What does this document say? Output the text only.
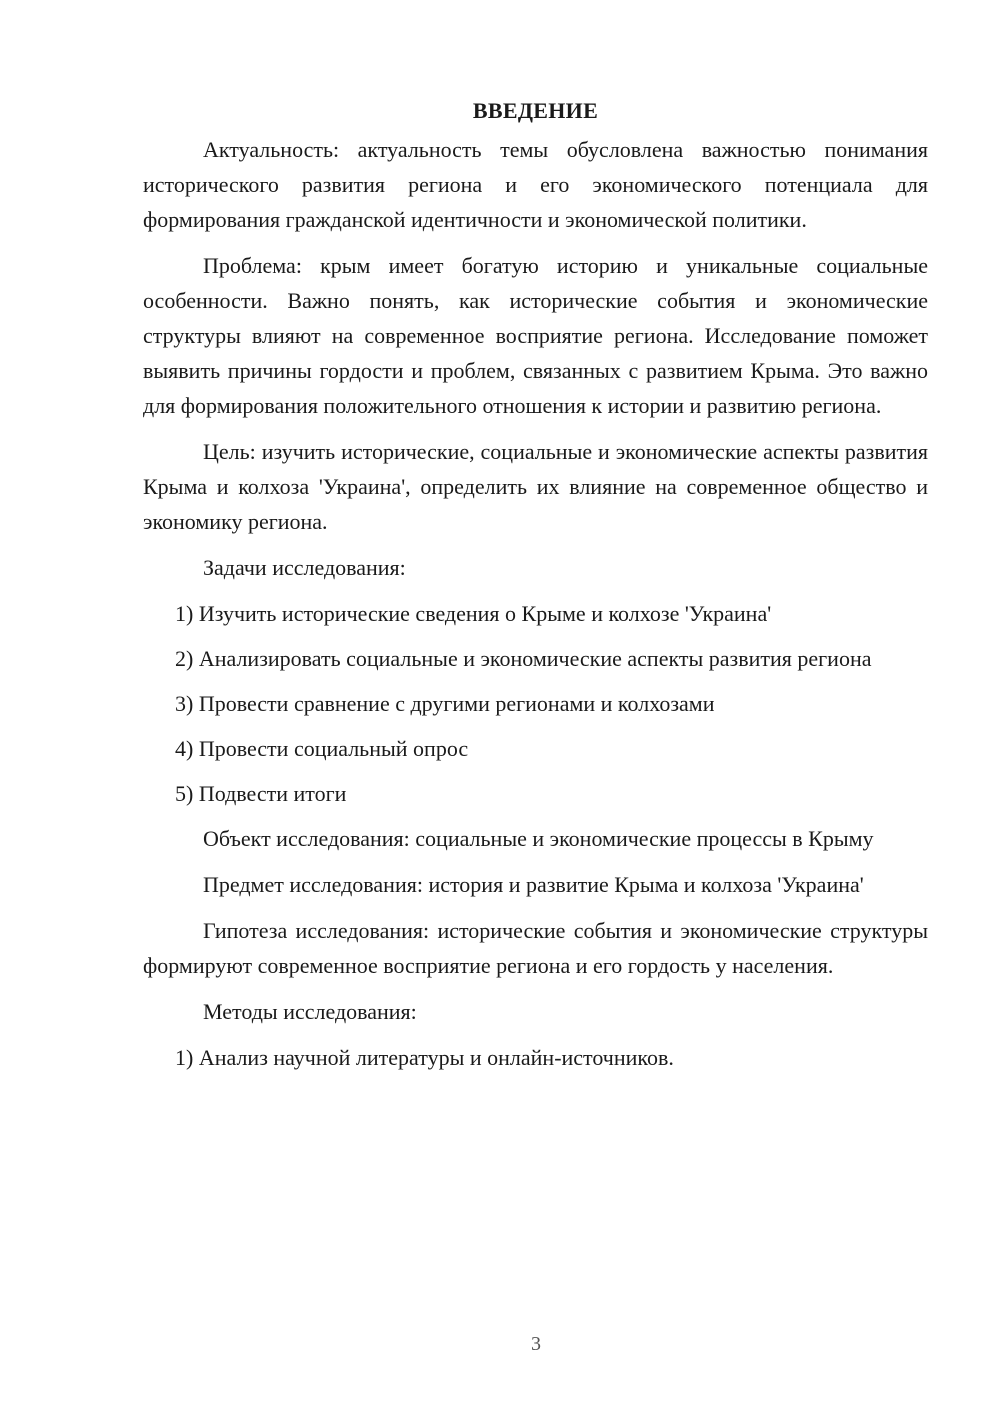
ВВЕДЕНИЕ

Актуальность: актуальность темы обусловлена важностью понимания исторического развития региона и его экономического потенциала для формирования гражданской идентичности и экономической политики.

Проблема: крым имеет богатую историю и уникальные социальные особенности. Важно понять, как исторические события и экономические структуры влияют на современное восприятие региона. Исследование поможет выявить причины гордости и проблем, связанных с развитием Крыма. Это важно для формирования положительного отношения к истории и развитию региона.

Цель: изучить исторические, социальные и экономические аспекты развития Крыма и колхоза 'Украина', определить их влияние на современное общество и экономику региона.

Задачи исследования:

1) Изучить исторические сведения о Крыме и колхозе 'Украина'

2) Анализировать социальные и экономические аспекты развития региона

3) Провести сравнение с другими регионами и колхозами

4) Провести социальный опрос

5) Подвести итоги

Объект исследования: социальные и экономические процессы в Крыму

Предмет исследования: история и развитие Крыма и колхоза 'Украина'

Гипотеза исследования: исторические события и экономические структуры формируют современное восприятие региона и его гордость у населения.

Методы исследования:

1) Анализ научной литературы и онлайн-источников.

3
